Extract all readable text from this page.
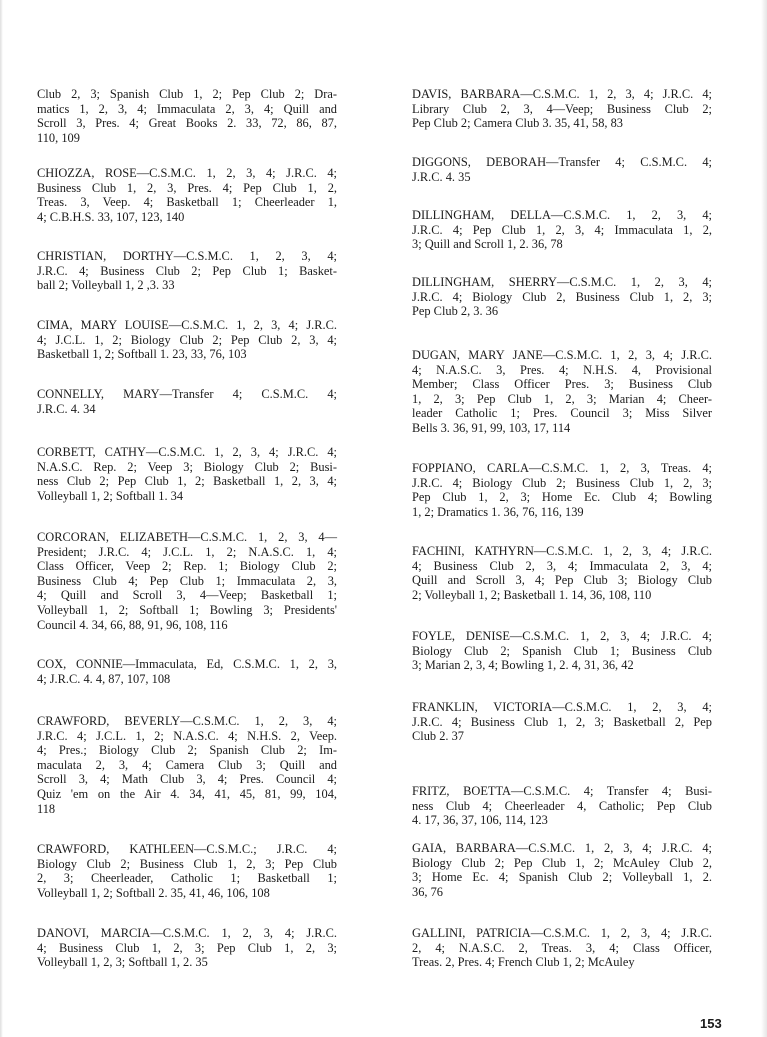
Club 2, 3; Spanish Club 1, 2; Pep Club 2; Dra-
matics 1, 2, 3, 4; Immaculata 2, 3, 4; Quill and
Scroll 3, Pres. 4; Great Books 2. 33, 72, 86, 87,
110, 109
CHIOZZA, ROSE—C.S.M.C. 1, 2, 3, 4; J.R.C. 4;
Business Club 1, 2, 3, Pres. 4; Pep Club 1, 2,
Treas. 3, Veep. 4; Basketball 1; Cheerleader 1,
4; C.B.H.S. 33, 107, 123, 140
CHRISTIAN, DORTHY—C.S.M.C. 1, 2, 3, 4;
J.R.C. 4; Business Club 2; Pep Club 1; Basket-
ball 2; Volleyball 1, 2 ,3. 33
CIMA, MARY LOUISE—C.S.M.C. 1, 2, 3, 4; J.R.C.
4; J.C.L. 1, 2; Biology Club 2; Pep Club 2, 3, 4;
Basketball 1, 2; Softball 1. 23, 33, 76, 103
CONNELLY, MARY—Transfer 4; C.S.M.C. 4;
J.R.C. 4. 34
CORBETT, CATHY—C.S.M.C. 1, 2, 3, 4; J.R.C. 4;
N.A.S.C. Rep. 2; Veep 3; Biology Club 2; Busi-
ness Club 2; Pep Club 1, 2; Basketball 1, 2, 3, 4;
Volleyball 1, 2; Softball 1. 34
CORCORAN, ELIZABETH—C.S.M.C. 1, 2, 3, 4—
President; J.R.C. 4; J.C.L. 1, 2; N.A.S.C. 1, 4;
Class Officer, Veep 2; Rep. 1; Biology Club 2;
Business Club 4; Pep Club 1; Immaculata 2, 3,
4; Quill and Scroll 3, 4—Veep; Basketball 1;
Volleyball 1, 2; Softball 1; Bowling 3; Presidents'
Council 4. 34, 66, 88, 91, 96, 108, 116
COX, CONNIE—Immaculata, Ed, C.S.M.C. 1, 2, 3,
4; J.R.C. 4. 4, 87, 107, 108
CRAWFORD, BEVERLY—C.S.M.C. 1, 2, 3, 4;
J.R.C. 4; J.C.L. 1, 2; N.A.S.C. 4; N.H.S. 2, Veep.
4; Pres.; Biology Club 2; Spanish Club 2; Im-
maculata 2, 3, 4; Camera Club 3; Quill and
Scroll 3, 4; Math Club 3, 4; Pres. Council 4;
Quiz 'em on the Air 4. 34, 41, 45, 81, 99, 104,
118
CRAWFORD, KATHLEEN—C.S.M.C.; J.R.C. 4;
Biology Club 2; Business Club 1, 2, 3; Pep Club
2, 3; Cheerleader, Catholic 1; Basketball 1;
Volleyball 1, 2; Softball 2. 35, 41, 46, 106, 108
DANOVI, MARCIA—C.S.M.C. 1, 2, 3, 4; J.R.C.
4; Business Club 1, 2, 3; Pep Club 1, 2, 3;
Volleyball 1, 2, 3; Softball 1, 2. 35
DAVIS, BARBARA—C.S.M.C. 1, 2, 3, 4; J.R.C. 4;
Library Club 2, 3, 4—Veep; Business Club 2;
Pep Club 2; Camera Club 3. 35, 41, 58, 83
DIGGONS, DEBORAH—Transfer 4; C.S.M.C. 4;
J.R.C. 4. 35
DILLINGHAM, DELLA—C.S.M.C. 1, 2, 3, 4;
J.R.C. 4; Pep Club 1, 2, 3, 4; Immaculata 1, 2,
3; Quill and Scroll 1, 2. 36, 78
DILLINGHAM, SHERRY—C.S.M.C. 1, 2, 3, 4;
J.R.C. 4; Biology Club 2, Business Club 1, 2, 3;
Pep Club 2, 3. 36
DUGAN, MARY JANE—C.S.M.C. 1, 2, 3, 4; J.R.C.
4; N.A.S.C. 3, Pres. 4; N.H.S. 4, Provisional
Member; Class Officer Pres. 3; Business Club
1, 2, 3; Pep Club 1, 2, 3; Marian 4; Cheer-
leader Catholic 1; Pres. Council 3; Miss Silver
Bells 3. 36, 91, 99, 103, 17, 114
FOPPIANO, CARLA—C.S.M.C. 1, 2, 3, Treas. 4;
J.R.C. 4; Biology Club 2; Business Club 1, 2, 3;
Pep Club 1, 2, 3; Home Ec. Club 4; Bowling
1, 2; Dramatics 1. 36, 76, 116, 139
FACHINI, KATHYRN—C.S.M.C. 1, 2, 3, 4; J.R.C.
4; Business Club 2, 3, 4; Immaculata 2, 3, 4;
Quill and Scroll 3, 4; Pep Club 3; Biology Club
2; Volleyball 1, 2; Basketball 1. 14, 36, 108, 110
FOYLE, DENISE—C.S.M.C. 1, 2, 3, 4; J.R.C. 4;
Biology Club 2; Spanish Club 1; Business Club
3; Marian 2, 3, 4; Bowling 1, 2. 4, 31, 36, 42
FRANKLIN, VICTORIA—C.S.M.C. 1, 2, 3, 4;
J.R.C. 4; Business Club 1, 2, 3; Basketball 2, Pep
Club 2. 37
FRITZ, BOETTA—C.S.M.C. 4; Transfer 4; Busi-
ness Club 4; Cheerleader 4, Catholic; Pep Club
4. 17, 36, 37, 106, 114, 123
GAIA, BARBARA—C.S.M.C. 1, 2, 3, 4; J.R.C. 4;
Biology Club 2; Pep Club 1, 2; McAuley Club 2,
3; Home Ec. 4; Spanish Club 2; Volleyball 1, 2.
36, 76
GALLINI, PATRICIA—C.S.M.C. 1, 2, 3, 4; J.R.C.
2, 4; N.A.S.C. 2, Treas. 3, 4; Class Officer,
Treas. 2, Pres. 4; French Club 1, 2; McAuley
153
